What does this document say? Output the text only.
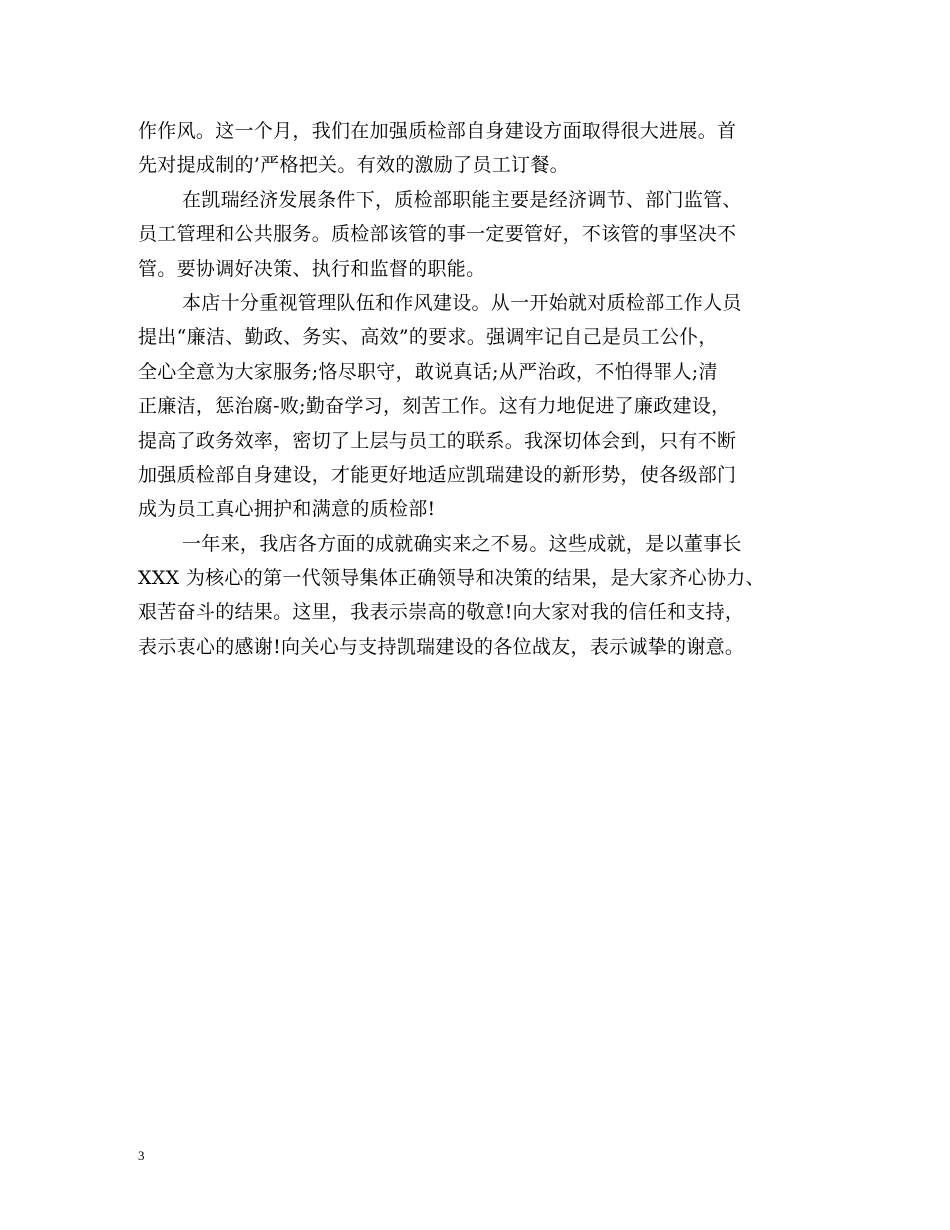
作作风。这一个月，我们在加强质检部自身建设方面取得很大进展。首
先对提成制的’严格把关。有效的激励了员工订餐。
在凯瑞经济发展条件下，质检部职能主要是经济调节、部门监管、
员工管理和公共服务。质检部该管的事一定要管好，不该管的事坚决不
管。要协调好决策、执行和监督的职能。
本店十分重视管理队伍和作风建设。从一开始就对质检部工作人员
提出“廉洁、勤政、务实、高效”的要求。强调牢记自己是员工公仆，
全心全意为大家服务;恪尽职守，敢说真话;从严治政，不怕得罪人;清
正廉洁，惩治腐-败;勤奋学习，刻苦工作。这有力地促进了廉政建设，
提高了政务效率，密切了上层与员工的联系。我深切体会到，只有不断
加强质检部自身建设，才能更好地适应凯瑞建设的新形势，使各级部门
成为员工真心拥护和满意的质检部!
一年来，我店各方面的成就确实来之不易。这些成就，是以董事长
XXX 为核心的第一代领导集体正确领导和决策的结果，是大家齐心协力、
艰苦奋斗的结果。这里，我表示崇高的敬意!向大家对我的信任和支持，
表示衷心的感谢!向关心与支持凯瑞建设的各位战友，表示诚挚的谢意。
3
